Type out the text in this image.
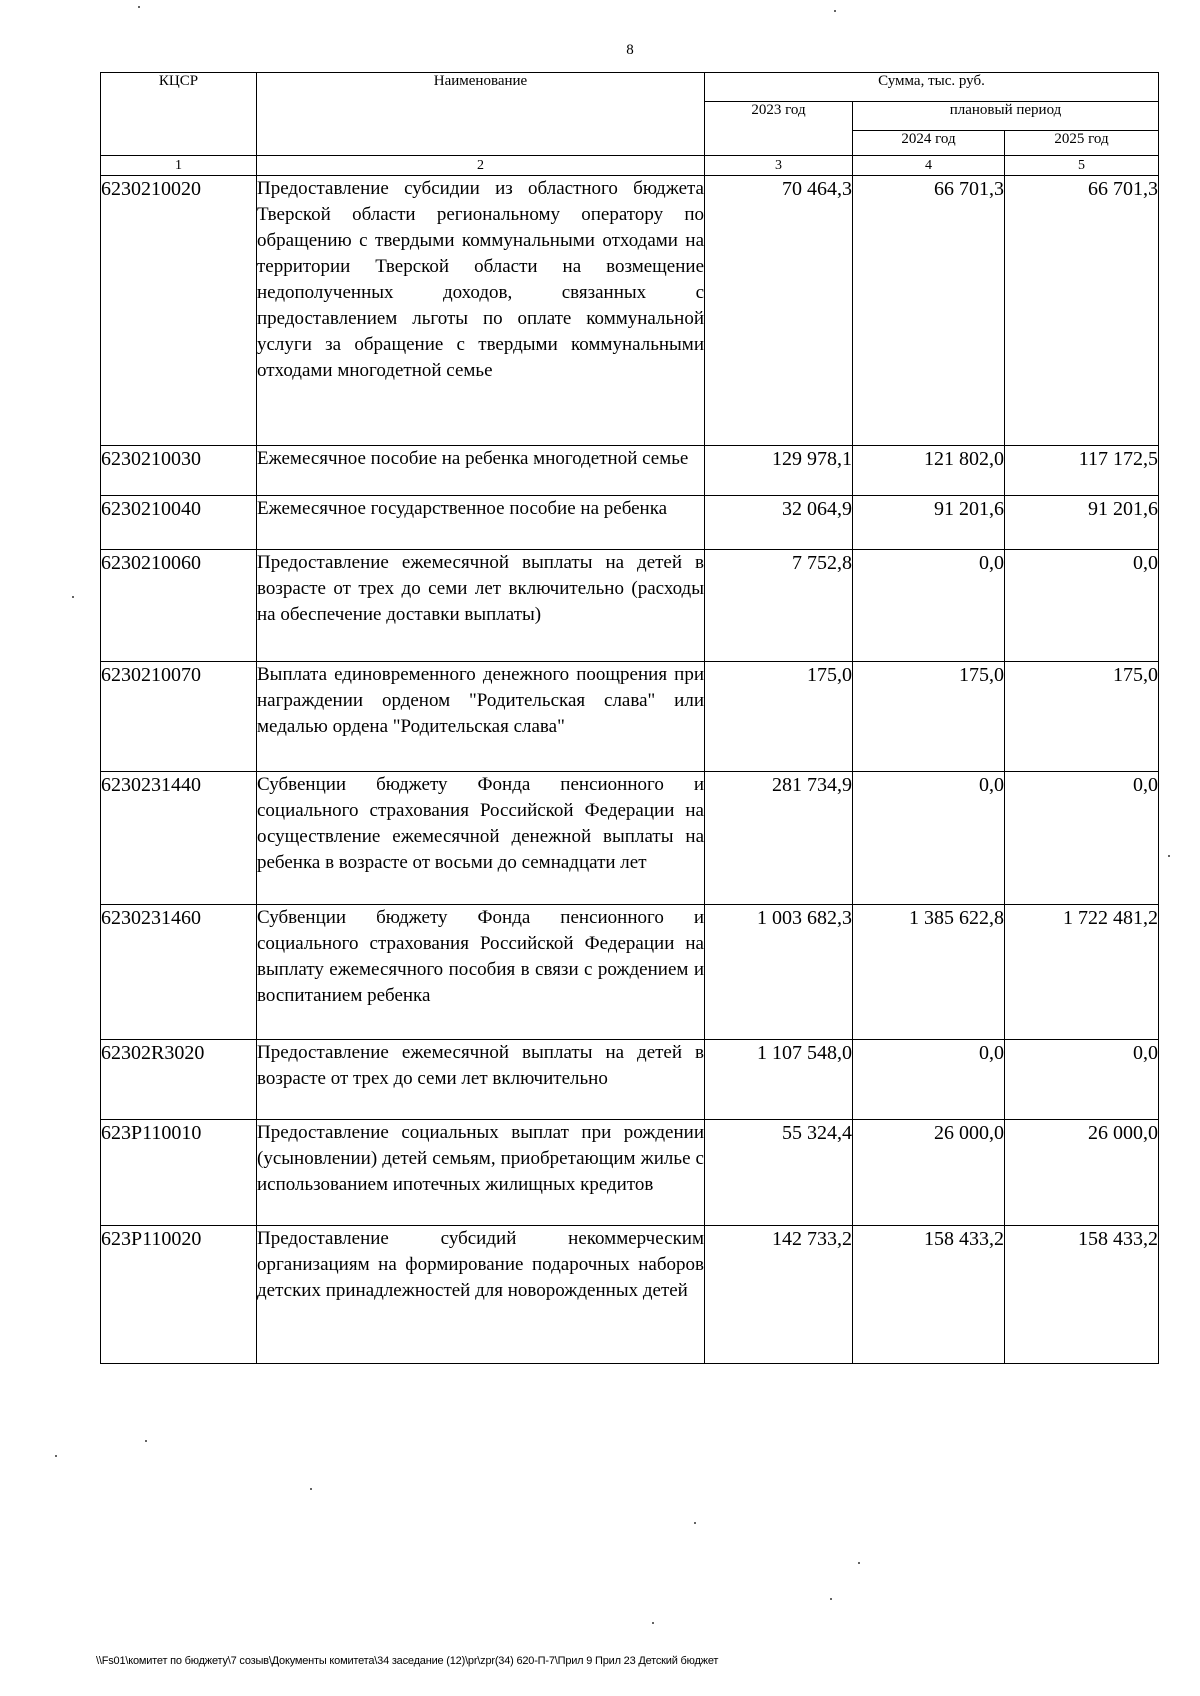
8
КЦСР	Наименование	Сумма, тыс. руб.		
		2023 год	плановый период	
			2024 год	2025 год
1	2	3	4	5
6230210020	Предоставление субсидии из областного бюджета Тверской области региональному оператору по обращению с твердыми коммунальными отходами на территории Тверской области на возмещение недополученных доходов, связанных с предоставлением льготы по оплате коммунальной услуги за обращение с твердыми коммунальными отходами многодетной семье	70 464,3	66 701,3	66 701,3
6230210030	Ежемесячное пособие на ребенка многодетной семье	129 978,1	121 802,0	117 172,5
6230210040	Ежемесячное государственное пособие на ребенка	32 064,9	91 201,6	91 201,6
6230210060	Предоставление ежемесячной выплаты на детей в возрасте от трех до семи лет включительно (расходы на обеспечение доставки выплаты)	7 752,8	0,0	0,0
6230210070	Выплата единовременного денежного поощрения при награждении орденом "Родительская слава" или медалью ордена "Родительская слава"	175,0	175,0	175,0
6230231440	Субвенции бюджету Фонда пенсионного и социального страхования Российской Федерации на осуществление ежемесячной денежной выплаты на ребенка в возрасте от восьми до семнадцати лет	281 734,9	0,0	0,0
6230231460	Субвенции бюджету Фонда пенсионного и социального страхования Российской Федерации на выплату ежемесячного пособия в связи с рождением и воспитанием ребенка	1 003 682,3	1 385 622,8	1 722 481,2
62302R3020	Предоставление ежемесячной выплаты на детей в возрасте от трех до семи лет включительно	1 107 548,0	0,0	0,0
623P110010	Предоставление социальных выплат при рождении (усыновлении) детей семьям, приобретающим жилье с использованием ипотечных жилищных кредитов	55 324,4	26 000,0	26 000,0
623P110020	Предоставление субсидий некоммерческим организациям на формирование подарочных наборов детских принадлежностей для новорожденных детей	142 733,2	158 433,2	158 433,2
\\Fs01\комитет по бюджету\7 созыв\Документы комитета\34 заседание (12)\pr\zpr(34) 620-П-7\Прил 9 Прил 23 Детский бюджет
